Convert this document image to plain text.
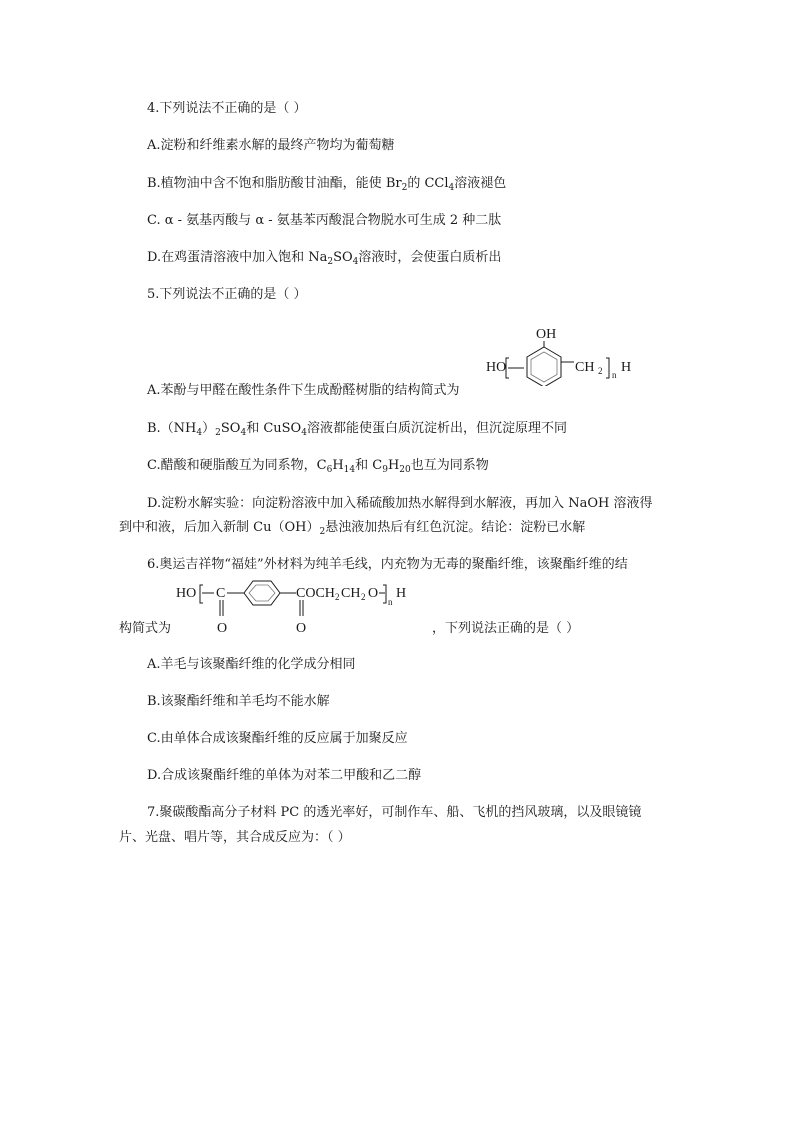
4.下列说法不正确的是（ ）
A.淀粉和纤维素水解的最终产物均为葡萄糖
B.植物油中含不饱和脂肪酸甘油酯，能使 $Br_2$的 CCl$_4$溶液褪色
C. α - 氨基丙酸与 α - 氨基苯丙酸混合物脱水可生成 2 种二肽
D.在鸡蛋清溶液中加入饱和 $Na_2SO_4$溶液时，会使蛋白质析出
5.下列说法不正确的是（ ）
OH
HO	CH 2 n H
A.苯酚与甲醛在酸性条件下生成酚醛树脂的结构简式为
$B.(NH_4)_2SO_4$和 CuSO$_4$溶液都能使蛋白质沉淀析出，但沉淀原理不同
C.醋酸和硬脂酸互为同系物，$C_6H_{14}$和 $C_9H_{20}$也互为同系物
D.淀粉水解实验：向淀粉溶液中加入稀硫酸加热水解得到水解液，再加入 NaOH 溶液得
到中和液，后加入新制 $Cu(OH)_2$悬浊液加热后有红色沉淀。结论：淀粉已水解
6.奥运吉祥物“福娃”外材料为纯羊毛线，内充物为无毒的聚酯纤维，该聚酯纤维的结
HO C
O
COCH
O
2 CH 2 O
n
H
构简式为	，下列说法正确的是（ ）
A.羊毛与该聚酯纤维的化学成分相同
B.该聚酯纤维和羊毛均不能水解
C.由单体合成该聚酯纤维的反应属于加聚反应
D.合成该聚酯纤维的单体为对苯二甲酸和乙二醇
7.聚碳酸酯高分子材料 PC 的透光率好，可制作车、船、飞机的挡风玻璃，以及眼镜镜
片、光盘、唱片等，其合成反应为：（ ）
